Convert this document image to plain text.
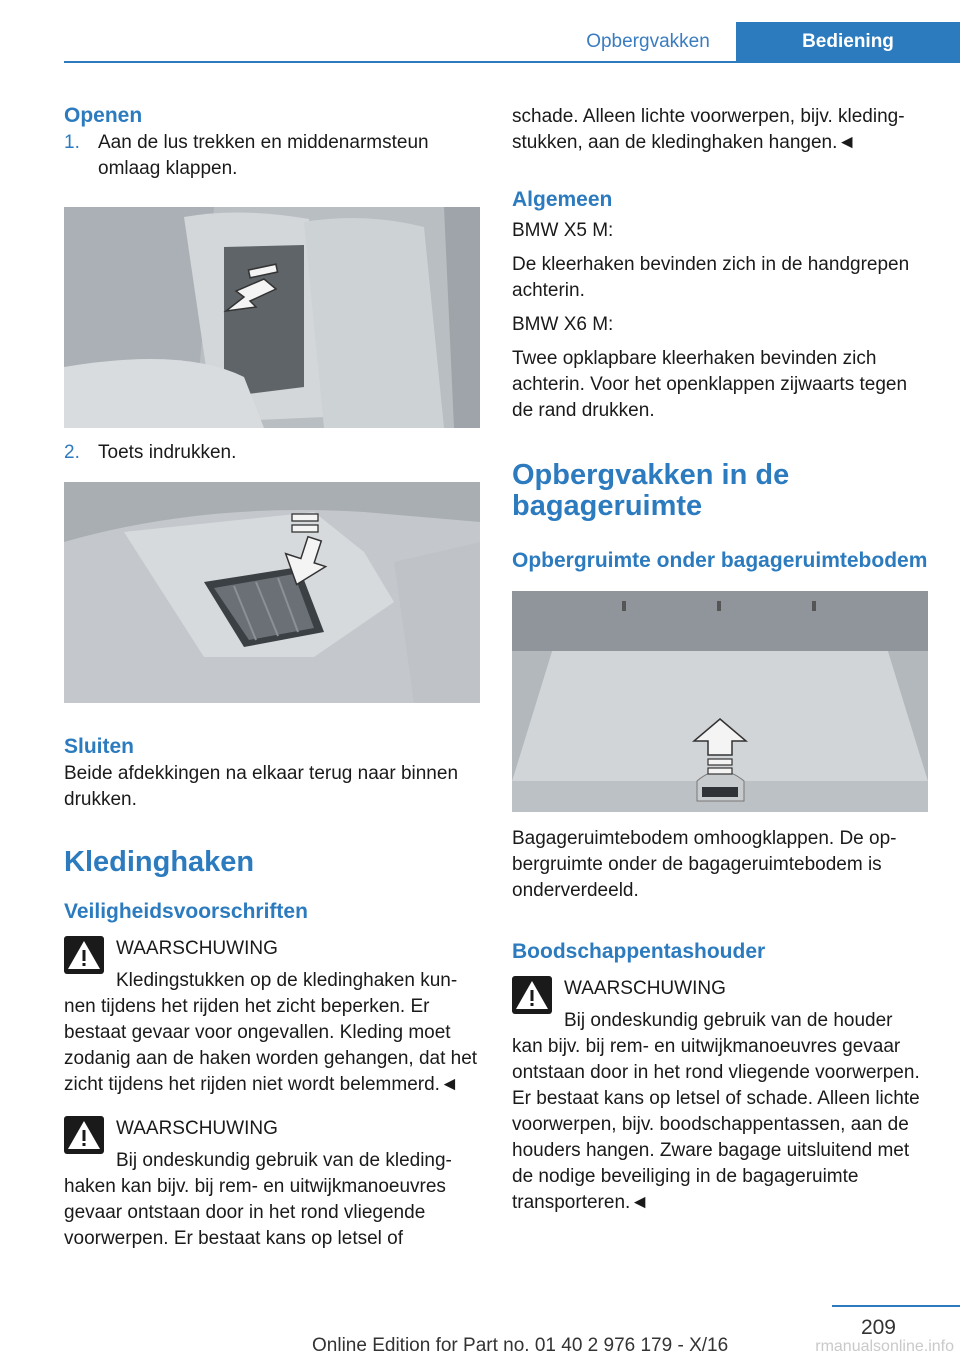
Opbergvakken	Bediening
Openen
1. Aan de lus trekken en middenarmsteun omlaag klappen.
2. Toets indrukken.
Sluiten

Beide afdekkingen na elkaar terug naar binnen drukken.

Kledinghaken
Veiligheidsvoorschriften
WAARSCHUWING
Kledingstukken op de kledinghaken kun-
nen tijdens het rijden het zicht beperken. Er bestaat gevaar voor ongevallen. Kleding moet zodanig aan de haken worden gehangen, dat het zicht tijdens het rijden niet wordt belemmerd.◄
WAARSCHUWING
Bij ondeskundig gebruik van de kleding-
haken kan bijv. bij rem- en uitwijkmanoeuvres gevaar ontstaan door in het rond vliegende voorwerpen. Er bestaat kans op letsel of

schade. Alleen lichte voorwerpen, bijv. kledingstukken, aan de kledinghaken hangen.◄

Algemeen

BMW X5 M:

De kleerhaken bevinden zich in de handgrepen achterin.

BMW X6 M:

Twee opklapbare kleerhaken bevinden zich achterin. Voor het openklappen zijwaarts tegen de rand drukken.

Opbergvakken in de bagageruimte
Opbergruimte onder bagageruimtebodem

Bagageruimtebodem omhoogklappen. De opbergruimte onder de bagageruimtebodem is onderverdeeld.

Boodschappentashouder
WAARSCHUWING
Bij ondeskundig gebruik van de houder
kan bijv. bij rem- en uitwijkmanoeuvres gevaar ontstaan door in het rond vliegende voorwerpen. Er bestaat kans op letsel of schade. Alleen lichte voorwerpen, bijv. boodschappentassen, aan de houders hangen. Zware bagage uitsluitend met de nodige beveiliging in de bagageruimte transporteren.◄
209
Online Edition for Part no. 01 40 2 976 179 - X/16	rmanualsonline.info
